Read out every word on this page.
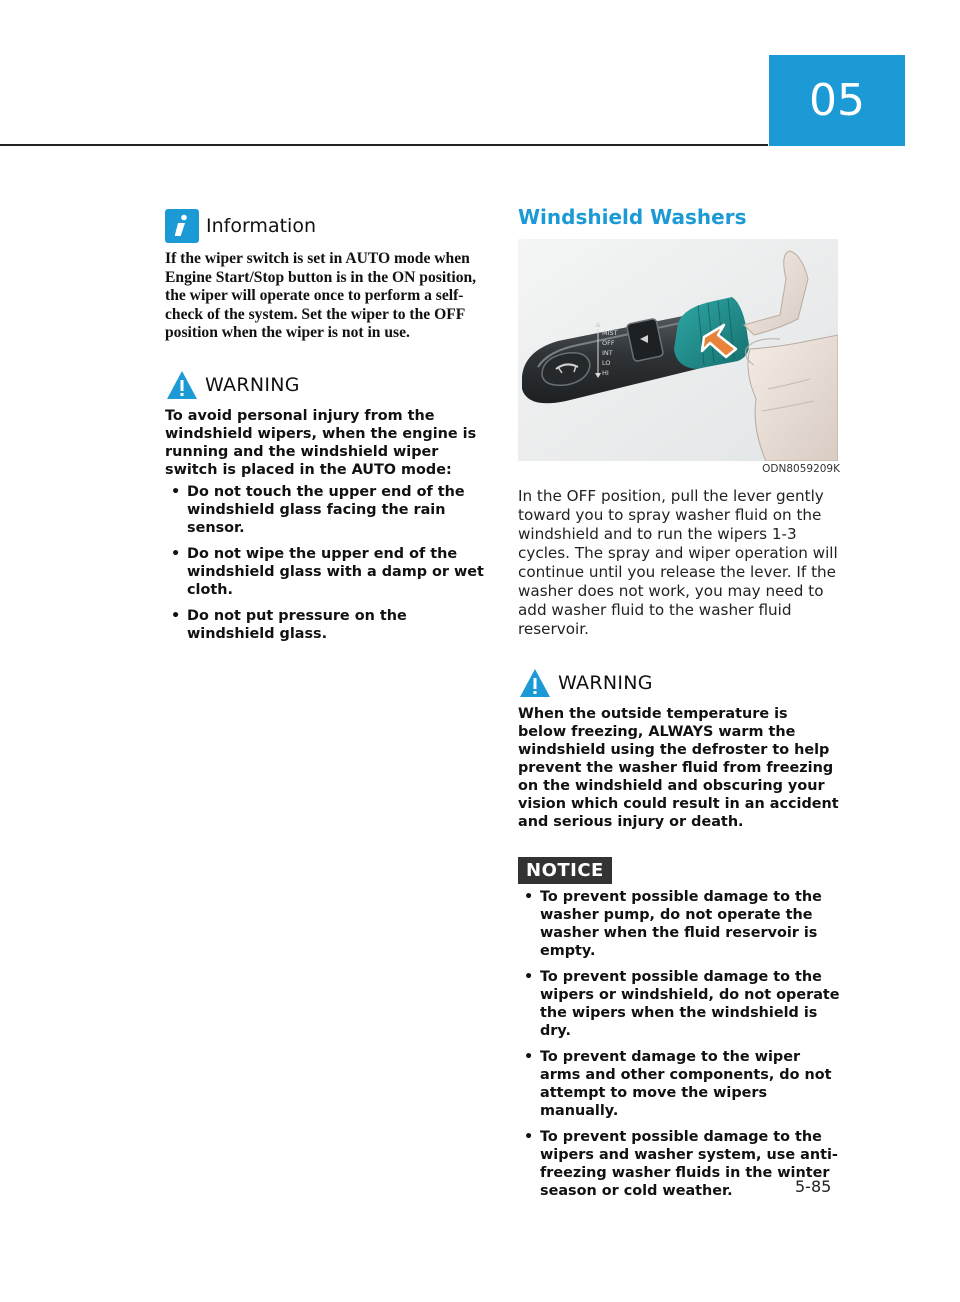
05
Information

If the wiper switch is set in AUTO mode when Engine Start/Stop button is in the ON position, the wiper will operate once to perform a self-check of the system. Set the wiper to the OFF position when the wiper is not in use.

WARNING

To avoid personal injury from the windshield wipers, when the engine is running and the windshield wiper switch is placed in the AUTO mode:

• Do not touch the upper end of the windshield glass facing the rain sensor.
• Do not wipe the upper end of the windshield glass with a damp or wet cloth.
• Do not put pressure on the windshield glass.
Windshield Washers
MIST
OFF
INT
LO
HI
ODN8059209K

In the OFF position, pull the lever gently toward you to spray washer fluid on the windshield and to run the wipers 1-3 cycles. The spray and wiper operation will continue until you release the lever. If the washer does not work, you may need to add washer fluid to the washer fluid reservoir.

WARNING

When the outside temperature is below freezing, ALWAYS warm the windshield using the defroster to help prevent the washer fluid from freezing on the windshield and obscuring your vision which could result in an accident and serious injury or death.

NOTICE
• To prevent possible damage to the washer pump, do not operate the washer when the fluid reservoir is empty.
• To prevent possible damage to the wipers or windshield, do not operate the wipers when the windshield is dry.
• To prevent damage to the wiper arms and other components, do not attempt to move the wipers manually.
• To prevent possible damage to the wipers and washer system, use anti-freezing washer fluids in the winter season or cold weather.	5-85
